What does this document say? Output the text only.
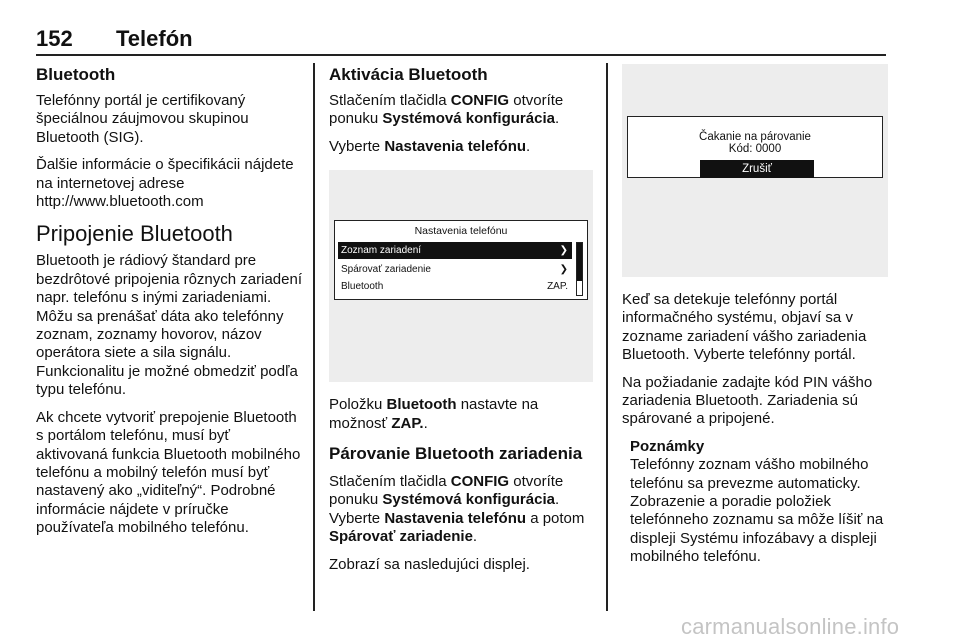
152 Telefón
Bluetooth

Telefónny portál je certifikovaný špeciálnou záujmovou skupinou Bluetooth (SIG).

Ďalšie informácie o špecifikácii nájdete na internetovej adrese http://www.bluetooth.com

Pripojenie Bluetooth

Bluetooth je rádiový štandard pre bezdrôtové pripojenia rôznych zariadení napr. telefónu s inými zariadeniami. Môžu sa prenášať dáta ako telefónny zoznam, zoznamy hovorov, názov operátora siete a sila signálu. Funkcionalitu je možné obmedziť podľa typu telefónu.

Ak chcete vytvoriť prepojenie Bluetooth s portálom telefónu, musí byť aktivovaná funkcia Bluetooth mobilného telefónu a mobilný telefón musí byť nastavený ako „viditeľný“. Podrobné informácie nájdete v príručke používateľa mobilného telefónu.

Aktivácia Bluetooth

Stlačením tlačidla CONFIG otvoríte ponuku Systémová konfigurácia.

Vyberte Nastavenia telefónu.

Nastavenia telefónu
Zoznam zariadení	❯
Spárovať zariadenie	❯
Bluetooth	ZAP.

Položku Bluetooth nastavte na možnosť ZAP..

Párovanie Bluetooth zariadenia

Stlačením tlačidla CONFIG otvoríte ponuku Systémová konfigurácia. Vyberte Nastavenia telefónu a potom Spárovať zariadenie.

Zobrazí sa nasledujúci displej.

Čakanie na párovanie
Kód: 0000
Zrušiť

Keď sa detekuje telefónny portál informačného systému, objaví sa v zozname zariadení vášho zariadenia Bluetooth. Vyberte telefónny portál.

Na požiadanie zadajte kód PIN vášho zariadenia Bluetooth. Zariadenia sú spárované a pripojené.

Poznámky

Telefónny zoznam vášho mobilného telefónu sa prevezme automaticky. Zobrazenie a poradie položiek telefónneho zoznamu sa môže líšiť na displeji Systému infozábavy a displeji mobilného telefónu.

carmanualsonline.info
